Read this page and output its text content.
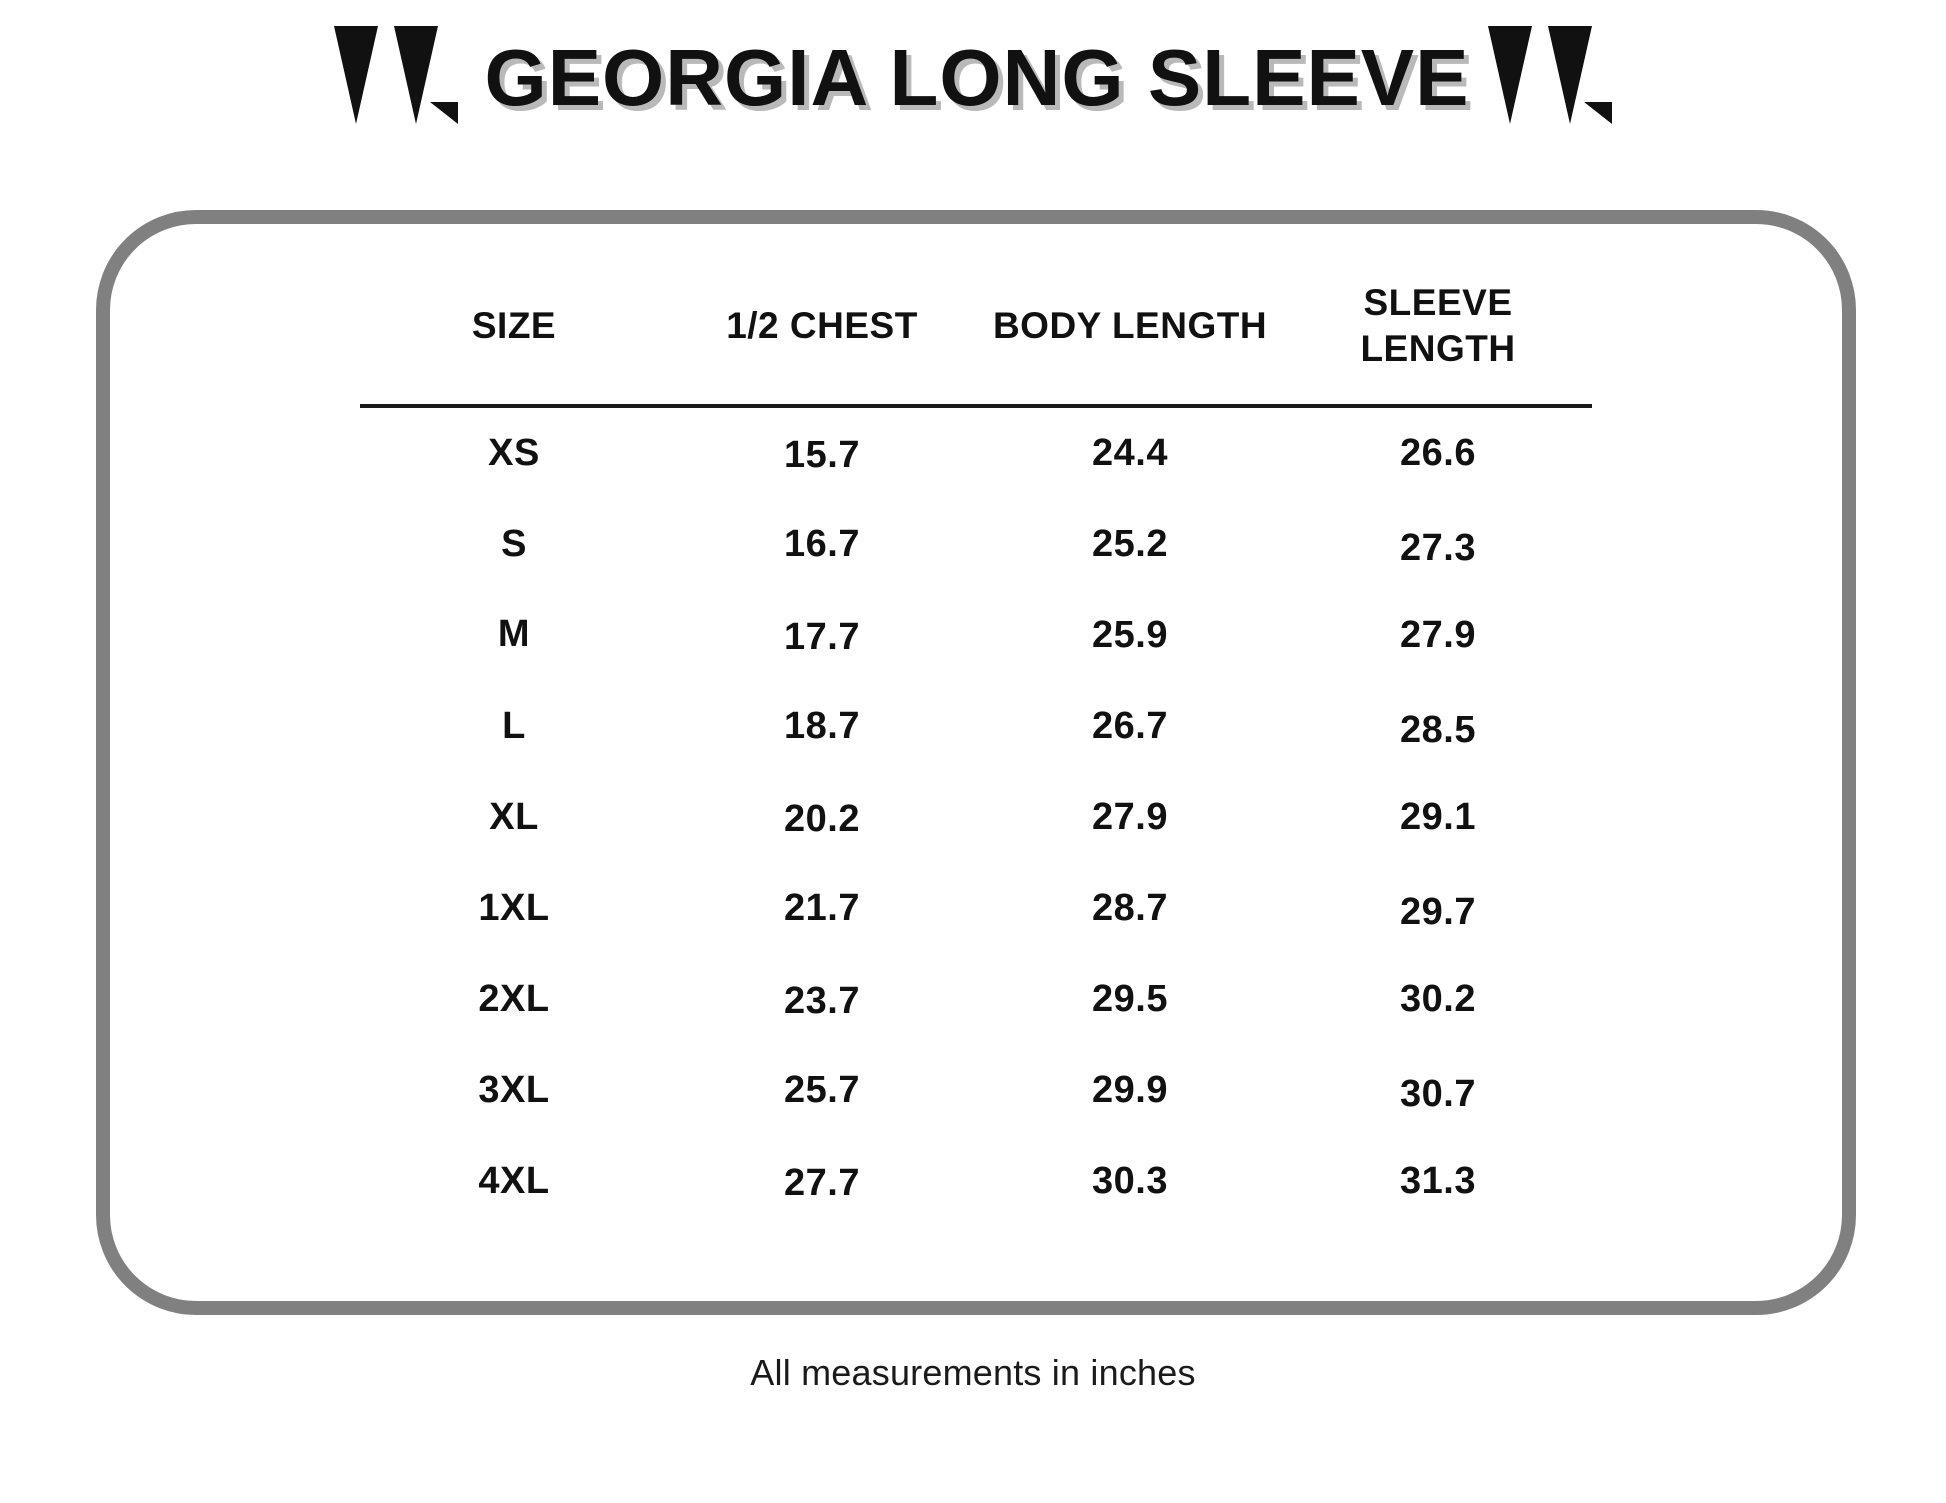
GEORGIA LONG SLEEVE
SIZE	1/2 CHEST	BODY LENGTH	SLEEVE LENGTH
XS	15.7	24.4	26.6
S	16.7	25.2	27.3
M	17.7	25.9	27.9
L	18.7	26.7	28.5
XL	20.2	27.9	29.1
1XL	21.7	28.7	29.7
2XL	23.7	29.5	30.2
3XL	25.7	29.9	30.7
4XL	27.7	30.3	31.3
All measurements in inches
